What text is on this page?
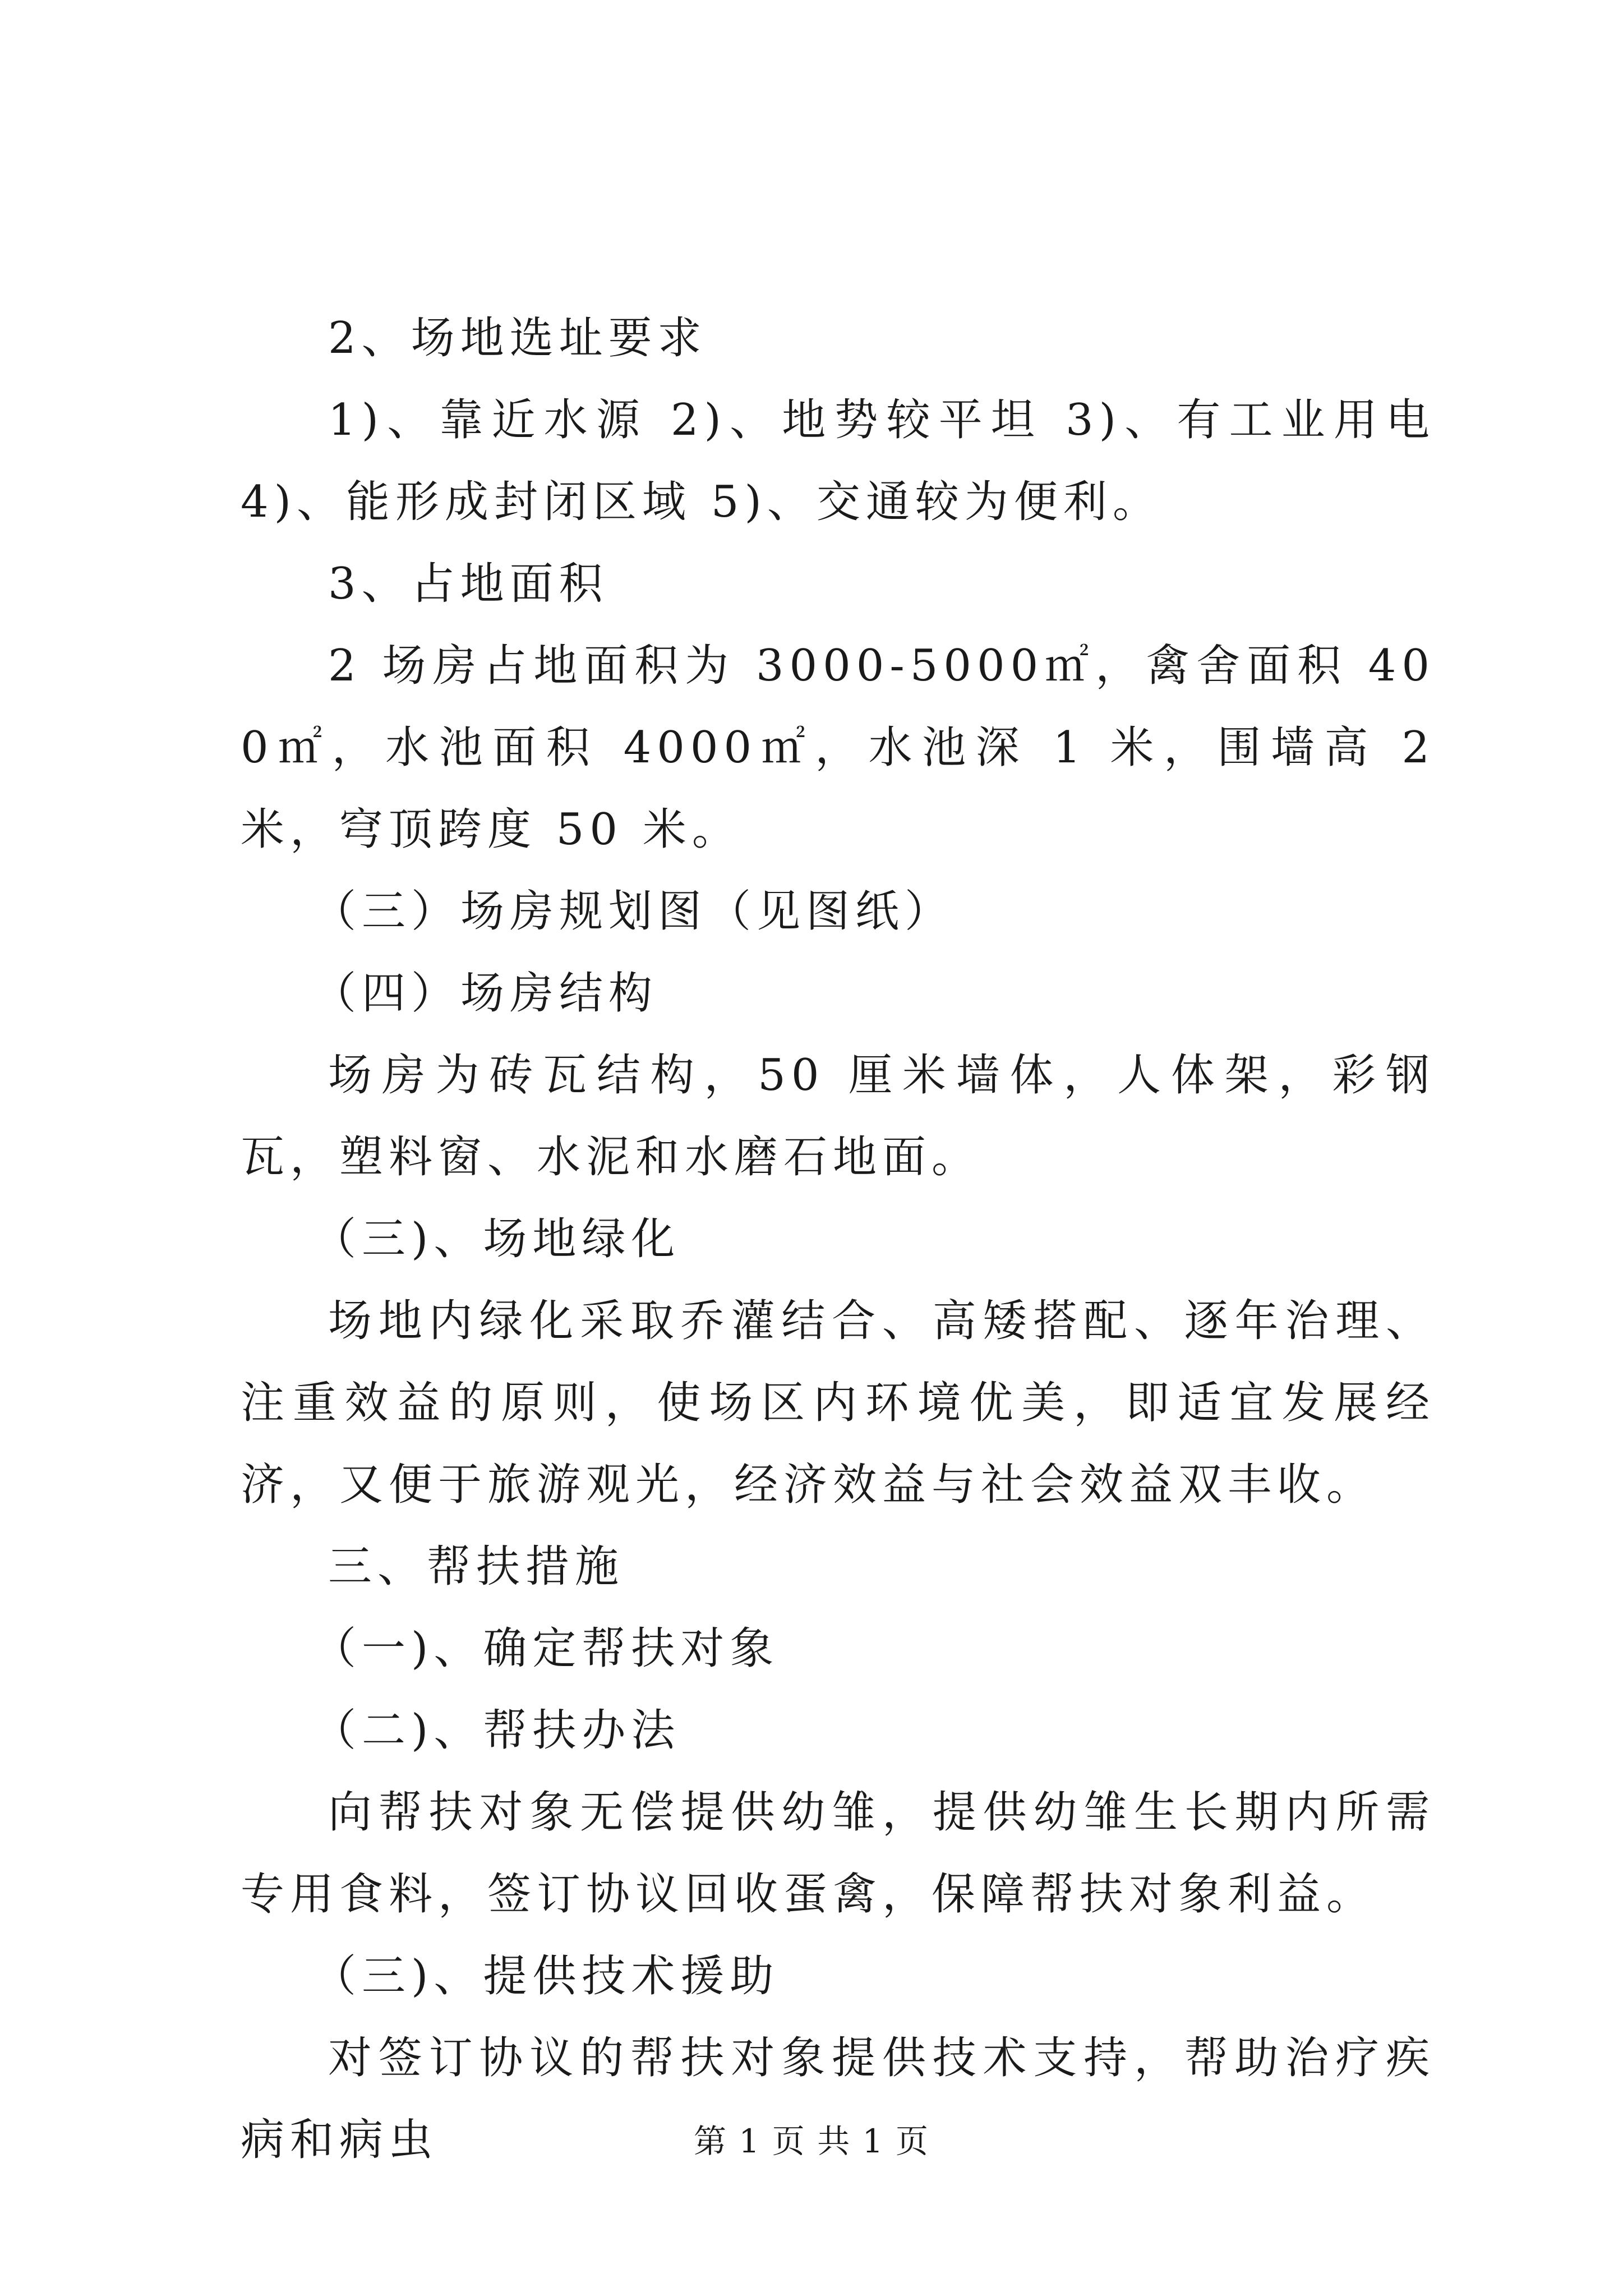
2、场地选址要求

1)、靠近水源 2)、地势较平坦 3)、有工业用电 4)、能形成封闭区域 5)、交通较为便利。

3、占地面积

2 场房占地面积为 3000-5000㎡，禽舍面积 400㎡，水池面积 4000㎡，水池深 1 米，围墙高 2 米，穹顶跨度 50 米。

（三）场房规划图（见图纸）

（四）场房结构

场房为砖瓦结构，50 厘米墙体，人体架，彩钢瓦，塑料窗、水泥和水磨石地面。

（三)、场地绿化

场地内绿化采取乔灌结合、高矮搭配、逐年治理、注重效益的原则，使场区内环境优美，即适宜发展经济，又便于旅游观光，经济效益与社会效益双丰收。

三、帮扶措施

（一)、确定帮扶对象

（二)、帮扶办法

向帮扶对象无偿提供幼雏，提供幼雏生长期内所需专用食料，签订协议回收蛋禽，保障帮扶对象利益。

（三)、提供技术援助

对签订协议的帮扶对象提供技术支持，帮助治疗疾病和病虫	第 1 页 共 1 页
